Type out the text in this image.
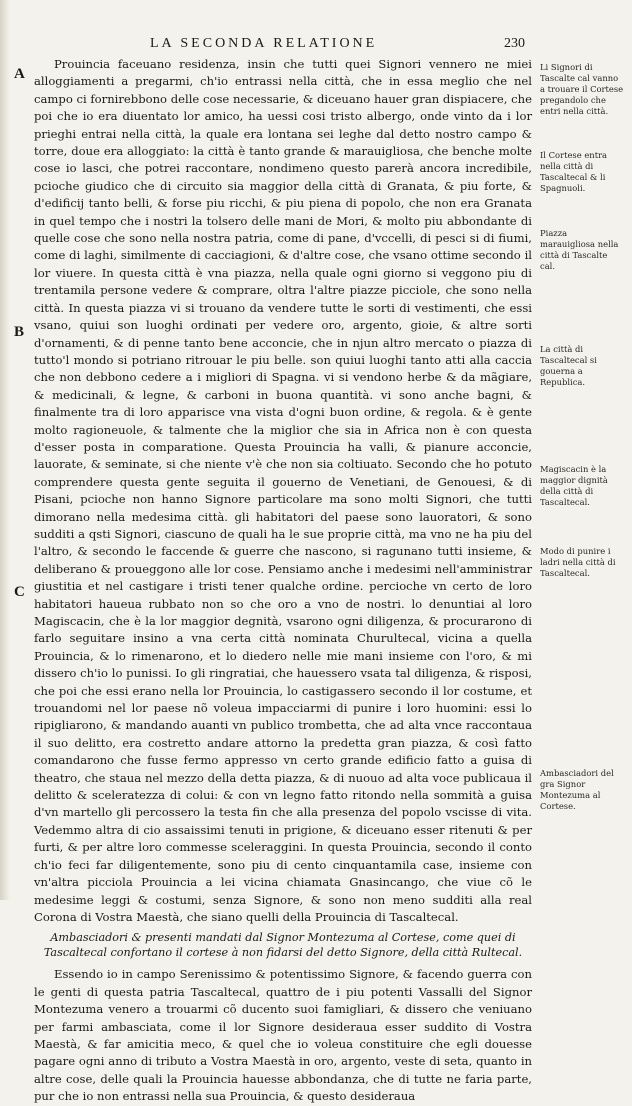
LA SECONDA RELATIONE	230
A
B
C

Prouincia faceuano residenza, insin che tutti quei Signori vennero ne miei alloggiamenti a pregarmi, ch'io entrassi nella città, che in essa meglio che nel campo ci fornirebbono delle cose necessarie, & diceuano hauer gran dispiacere, che poi che io era diuentato lor amico, ha uessi cosi tristo albergo, onde vinto da i lor prieghi entrai nella città, la quale era lontana sei leghe dal detto nostro campo & torre, doue era alloggiato: la città è tanto grande & marauigliosa, che benche molte cose io lasci, che potrei raccontare, nondimeno questo parerà ancora incredibile, pcioche giudico che di circuito sia maggior della città di Granata, & piu forte, & d'edificij tanto belli, & forse piu ricchi, & piu piena di popolo, che non era Granata in quel tempo che i nostri la tolsero delle mani de Mori, & molto piu abbondante di quelle cose che sono nella nostra patria, come di pane, d'vccelli, di pesci si di fiumi, come di laghi, similmente di cacciagioni, & d'altre cose, che vsano ottime secondo il lor viuere. In questa città è vna piazza, nella quale ogni giorno si veggono piu di trentamila persone vedere & comprare, oltra l'altre piazze picciole, che sono nella città. In questa piazza vi si trouano da vendere tutte le sorti di vestimenti, che essi vsano, quiui son luoghi ordinati per vedere oro, argento, gioie, & altre sorti d'ornamenti, & di penne tanto bene acconcie, che in njun altro mercato o piazza di tutto'l mondo si potriano ritrouar le piu belle. son quiui luoghi tanto atti alla caccia che non debbono cedere a i migliori di Spagna. vi si vendono herbe & da mãgiare, & medicinali, & legne, & carboni in buona quantità. vi sono anche bagni, & finalmente tra di loro apparisce vna vista d'ogni buon ordine, & regola. & è gente molto ragioneuole, & talmente che la miglior che sia in Africa non è con questa d'esser posta in comparatione. Questa Prouincia ha valli, & pianure acconcie, lauorate, & seminate, si che niente v'è che non sia coltiuato. Secondo che ho potuto comprendere questa gente seguita il gouerno de Venetiani, de Genouesi, & di Pisani, pcioche non hanno Signore particolare ma sono molti Signori, che tutti dimorano nella medesima città. gli habitatori del paese sono lauoratori, & sono sudditi a qsti Signori, ciascuno de quali ha le sue proprie città, ma vno ne ha piu del l'altro, & secondo le faccende & guerre che nascono, si ragunano tutti insieme, & deliberano & proueggono alle lor cose. Pensiamo anche i medesimi nell'amministrar giustitia et nel castigare i tristi tener qualche ordine. percioche vn certo de loro habitatori haueua rubbato non so che oro a vno de nostri. lo denuntiai al loro Magiscacin, che è la lor maggior degnità, vsarono ogni diligenza, & procurarono di farlo seguitare insino a vna certa città nominata Churultecal, vicina a quella Prouincia, & lo rimenarono, et lo diedero nelle mie mani insieme con l'oro, & mi dissero ch'io lo punissi. Io gli ringratiai, che hauessero vsata tal diligenza, & risposi, che poi che essi erano nella lor Prouincia, lo castigassero secondo il lor costume, et trouandomi nel lor paese nõ voleua impacciarmi di punire i loro huomini: essi lo ripigliarono, & mandando auanti vn publico trombetta, che ad alta vnce raccontaua il suo delitto, era costretto andare attorno la predetta gran piazza, & così fatto comandarono che fusse fermo appresso vn certo grande edificio fatto a guisa di theatro, che staua nel mezzo della detta piazza, & di nuouo ad alta voce publicaua il delitto & sceleratezza di colui: & con vn legno fatto ritondo nella sommità a guisa d'vn martello gli percossero la testa fin che alla presenza del popolo vscisse di vita. Vedemmo altra di cio assaissimi tenuti in prigione, & diceuano esser ritenuti & per furti, & per altre loro commesse sceleraggini. In questa Prouincia, secondo il conto ch'io feci far diligentemente, sono piu di cento cinquantamila case, insieme con vn'altra picciola Prouincia a lei vicina chiamata Gnasincango, che viue cõ le medesime leggi & costumi, senza Signore, & sono non meno sudditi alla real Corona di Vostra Maestà, che siano quelli della Prouincia di Tascaltecal.

Ambasciadori & presenti mandati dal Signor Montezuma al Cortese, come quei di Tascaltecal confortano il cortese à non fidarsi del detto Signore, della città Rultecal.

Essendo io in campo Serenissimo & potentissimo Signore, & facendo guerra con le genti di questa patria Tascaltecal, quattro de i piu potenti Vassalli del Signor Montezuma venero a trouarmi cõ ducento suoi famigliari, & dissero che veniuano per farmi ambasciata, come il lor Signore desideraua esser suddito di Vostra Maestà, & far amicitia meco, & quel che io voleua constituire che egli douesse pagare ogni anno di tributo a Vostra Maestà in oro, argento, veste di seta, quanto in altre cose, delle quali la Prouincia hauesse abbondanza, che di tutte ne faria parte, pur che io non entrassi nella sua Prouincia, & questo desideraua

Li Signori di Tascalte cal vanno a trouare il Cortese pregandolo che entri nella città.
Il Cortese entra nella città di Tascaltecal & li Spagnuoli.
Piazza marauigliosa nella città di Tascalte cal.
La città di Tascaltecal si gouerna a Republica.
Magiscacin è la maggior dignità della città di Tascaltecal.
Modo di punire i ladri nella città di Tascaltecal.
Ambasciadori del gra Signor Montezuma al Cortese.
